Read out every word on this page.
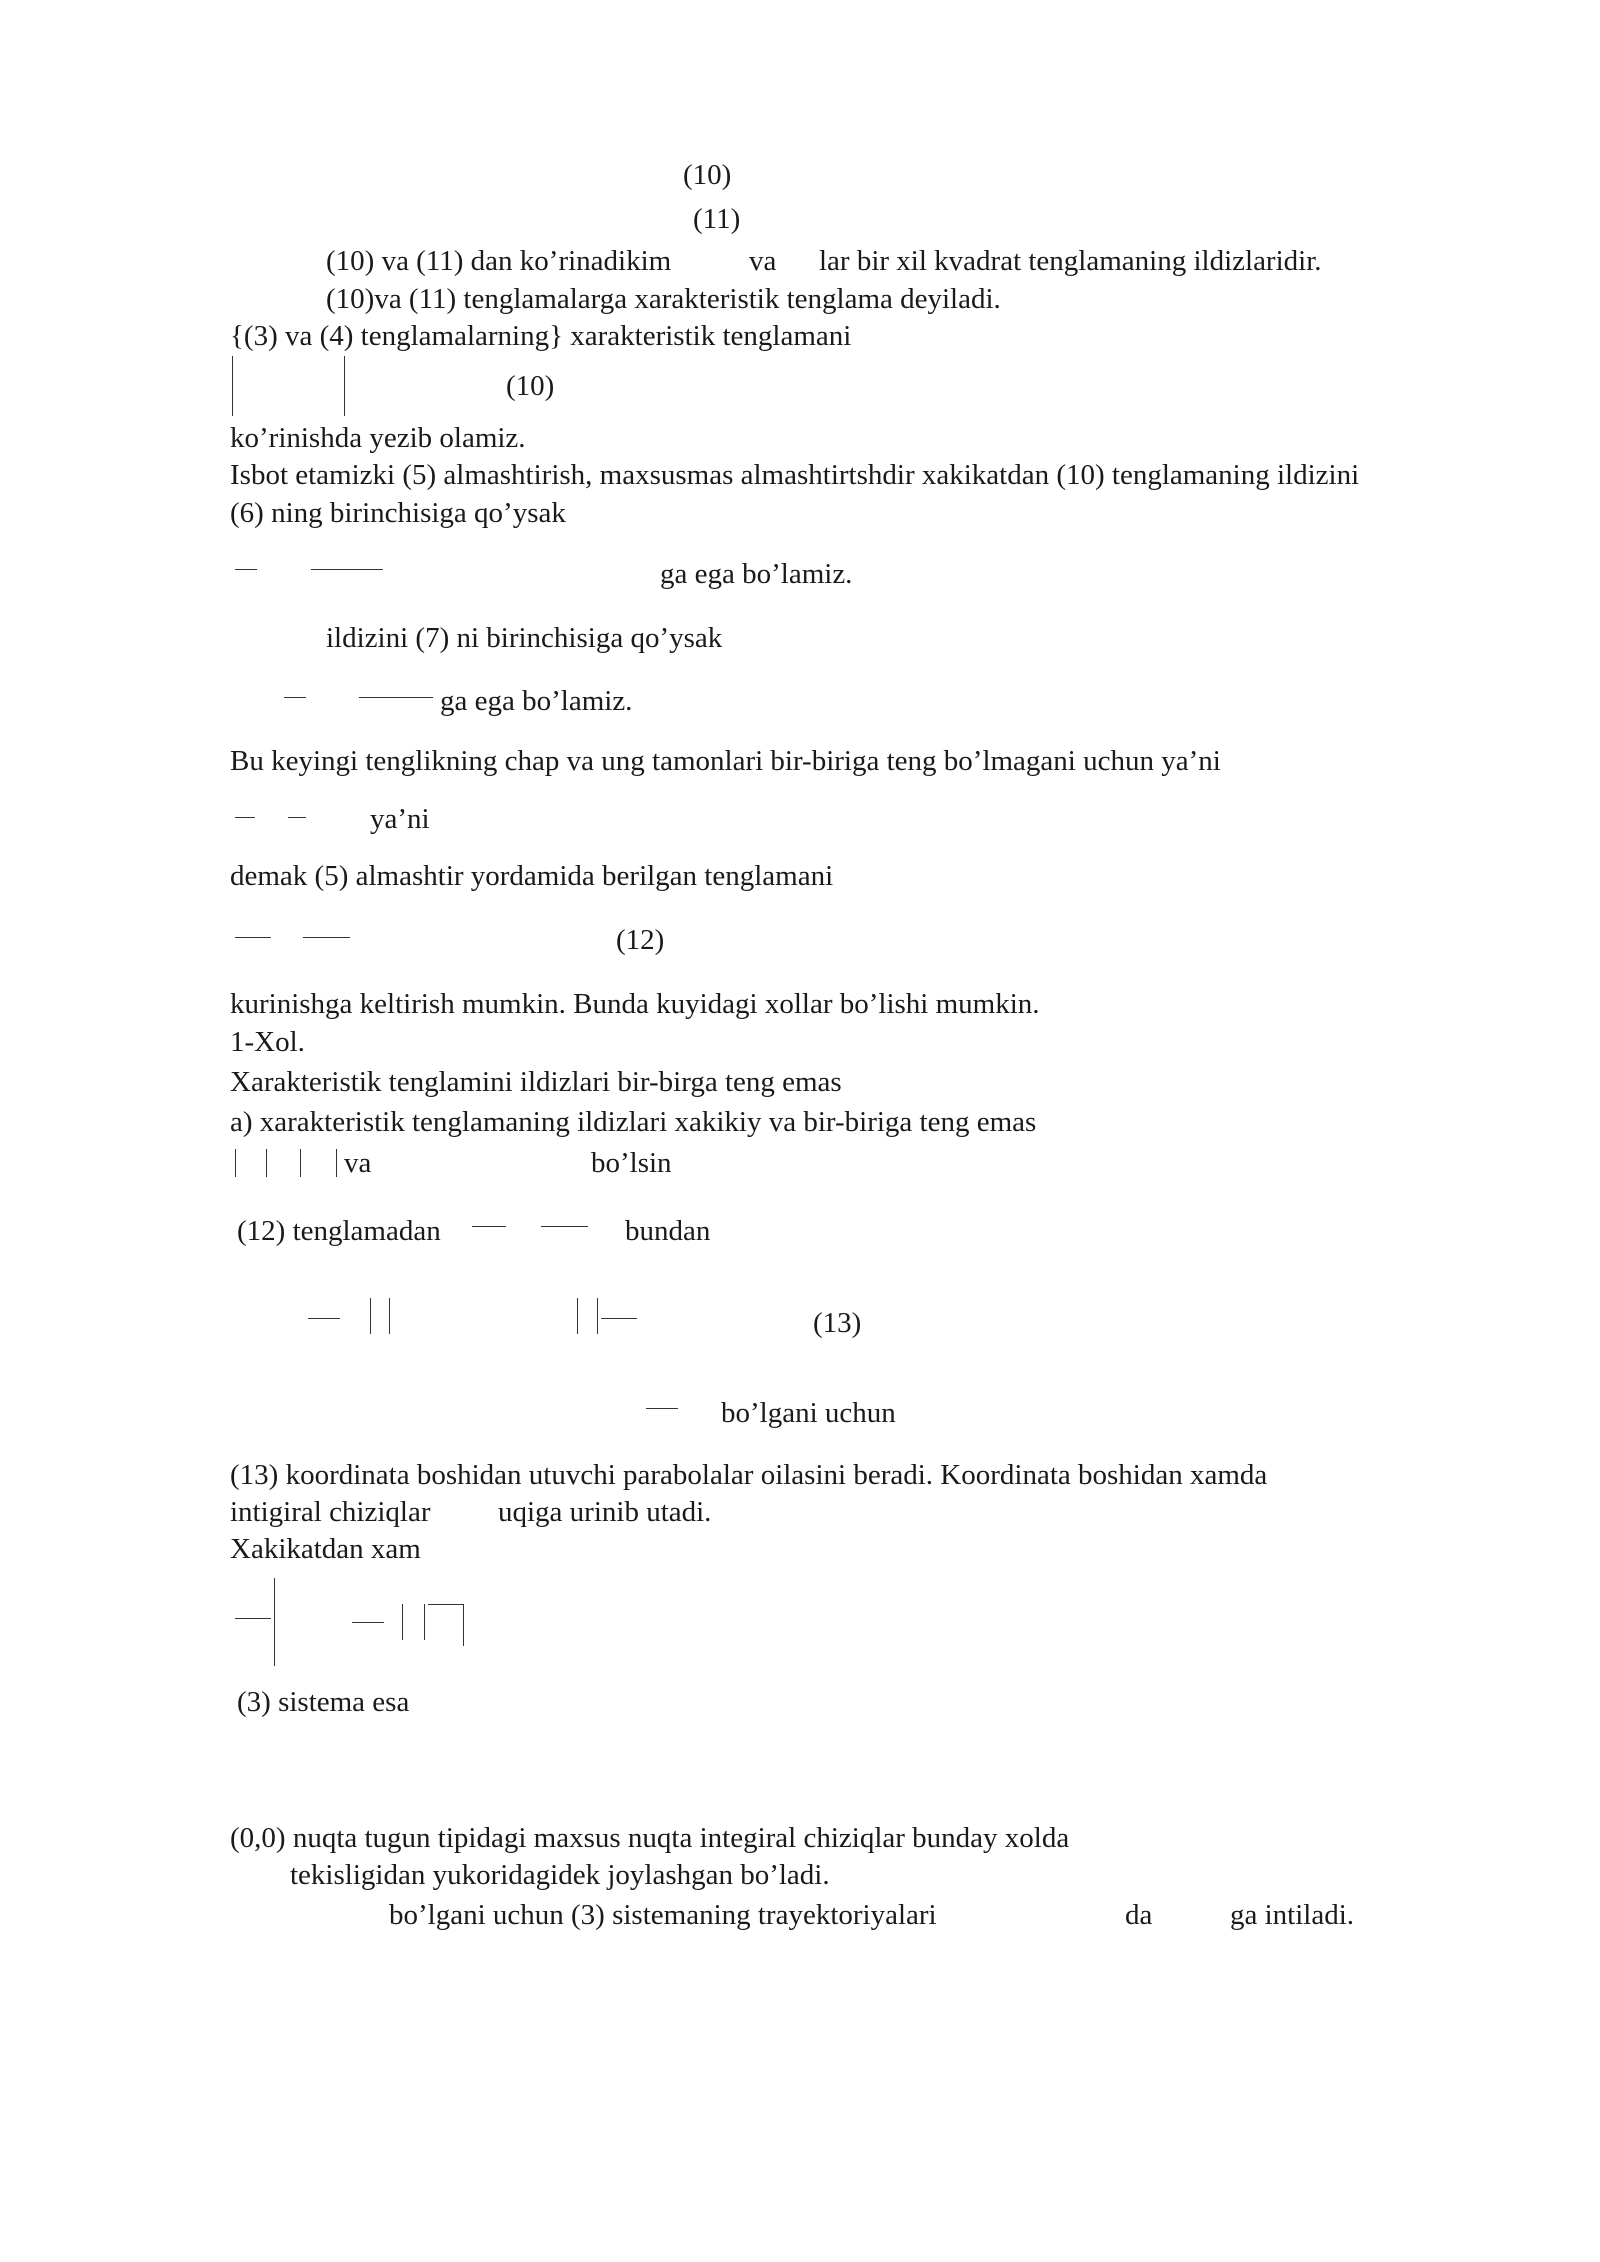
(10)
(11)
(10) va (11) dan ko’rinadikim	va lar bir xil kvadrat tenglamaning ildizlaridir.
(10)va (11) tenglamalarga xarakteristik tenglama deyiladi.
{(3) va (4) tenglamalarning} xarakteristik tenglamani
(10)
ko’rinishda yezib olamiz.
Isbot etamizki (5) almashtirish, maxsusmas almashtirtshdir xakikatdan (10) tenglamaning ildizini
(6) ning birinchisiga qo’ysak
ga ega bo’lamiz.
ildizini (7) ni birinchisiga qo’ysak
ga ega bo’lamiz.
Bu keyingi tenglikning chap va ung tamonlari bir-biriga teng bo’lmagani uchun ya’ni
ya’ni
demak (5) almashtir yordamida berilgan tenglamani
(12)
kurinishga keltirish mumkin. Bunda kuyidagi xollar bo’lishi mumkin.
1-Xol.
Xarakteristik tenglamini ildizlari bir-birga teng emas
a) xarakteristik tenglamaning ildizlari xakikiy va bir-biriga teng emas
va	bo’lsin
(12) tenglamadan	bundan
(13)
bo’lgani uchun
(13) koordinata boshidan utuvchi parabolalar oilasini beradi. Koordinata boshidan xamda
intigiral chiziqlar uqiga urinib utadi.
Xakikatdan xam
(3) sistema esa
(0,0) nuqta tugun tipidagi maxsus nuqta integiral chiziqlar bunday xolda
tekisligidan yukoridagidek joylashgan bo’ladi.
bo’lgani uchun (3) sistemaning trayektoriyalari	da	ga intiladi.
